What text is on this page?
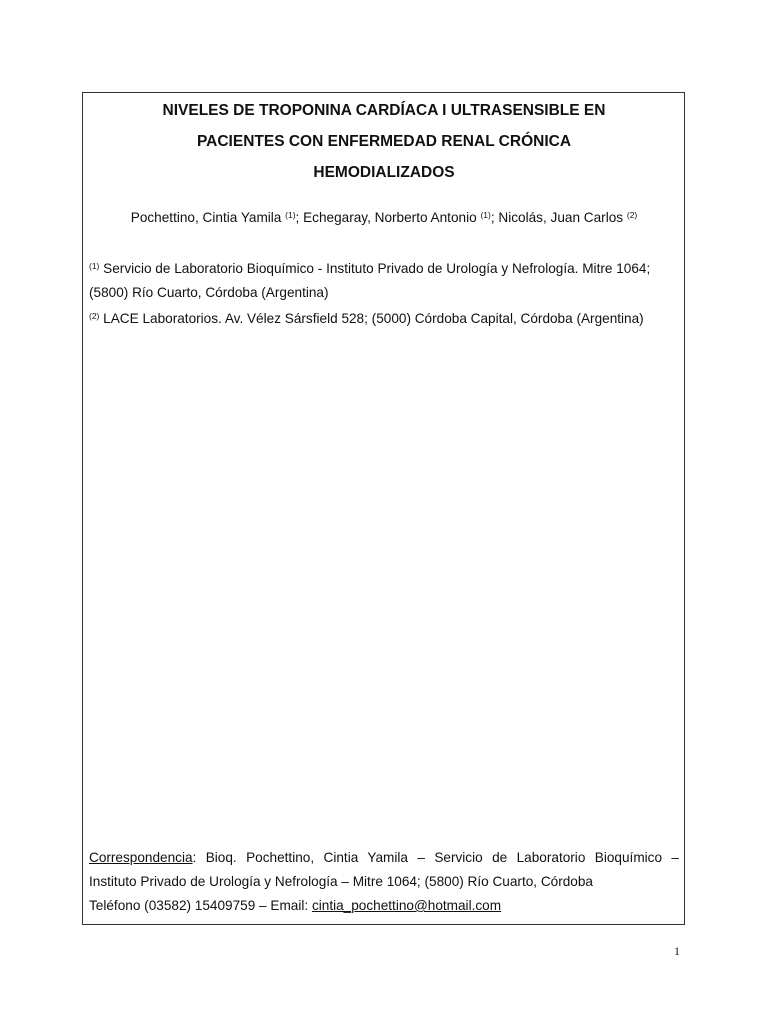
NIVELES DE TROPONINA CARDÍACA I ULTRASENSIBLE EN
PACIENTES CON ENFERMEDAD RENAL CRÓNICA
HEMODIALIZADOS
Pochettino, Cintia Yamila $^{(1)}$; Echegaray, Norberto Antonio $^{(1)}$; Nicolás, Juan Carlos $^{(2)}$
$^{(1)}$ Servicio de Laboratorio Bioquímico - Instituto Privado de Urología y Nefrología. Mitre 1064;
(5800) Río Cuarto, Córdoba (Argentina)
$^{(2)}$ LACE Laboratorios. Av. Vélez Sársfield 528; (5000) Córdoba Capital, Córdoba (Argentina)
Correspondencia: Bioq. Pochettino, Cintia Yamila – Servicio de Laboratorio Bioquímico –
Instituto Privado de Urología y Nefrología – Mitre 1064; (5800) Río Cuarto, Córdoba
Teléfono (03582) 15409759 – Email: cintia_pochettino@hotmail.com
1
